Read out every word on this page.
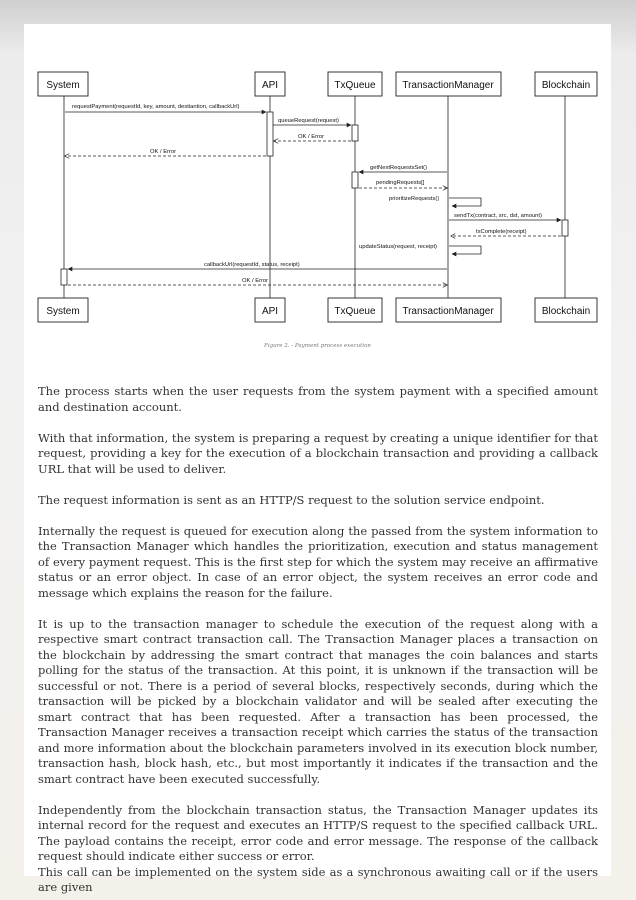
System	API	TxQueue	TransactionManager	Blockchain
System	API	TxQueue	TransactionManager	Blockchain
requestPayment(requestId, key, amount, destiantion, callbackUrl)
queueRequest(request)
OK / Error
OK / Error
getNextRequestsSet()
pendingRequests[]
prioritizeRequests()
sendTx(contract, src, dst, amount)
txComplete(receipt)
updateStatus(request, receipt)
callbackUrl(requestId, status, receipt)
OK / Error
Figure 2. - Payment process execution

The process starts when the user requests from the system payment with a specified amount and destination account.

With that information, the system is preparing a request by creating a unique identifier for that request, providing a key for the execution of a blockchain transaction and providing a callback URL that will be used to deliver.

The request information is sent as an HTTP/S request to the solution service endpoint.

Internally the request is queued for execution along the passed from the system information to the Transaction Manager which handles the prioritization, execution and status management of every payment request. This is the first step for which the system may receive an affirmative status or an error object. In case of an error object, the system receives an error code and message which explains the reason for the failure.

It is up to the transaction manager to schedule the execution of the request along with a respective smart contract transaction call. The Transaction Manager places a transaction on the blockchain by addressing the smart contract that manages the coin balances and starts polling for the status of the transaction. At this point, it is unknown if the transaction will be successful or not. There is a period of several blocks, respectively seconds, during which the transaction will be picked by a blockchain validator and will be sealed after executing the smart contract that has been requested. After a transaction has been processed, the Transaction Manager receives a transaction receipt which carries the status of the transaction and more information about the blockchain parameters involved in its execution block number, transaction hash, block hash, etc., but most importantly it indicates if the transaction and the smart contract have been executed successfully.

Independently from the blockchain transaction status, the Transaction Manager updates its internal record for the request and executes an HTTP/S request to the specified callback URL. The payload contains the receipt, error code and error message. The response of the callback request should indicate either success or error.

This call can be implemented on the system side as a synchronous awaiting call or if the users are given
